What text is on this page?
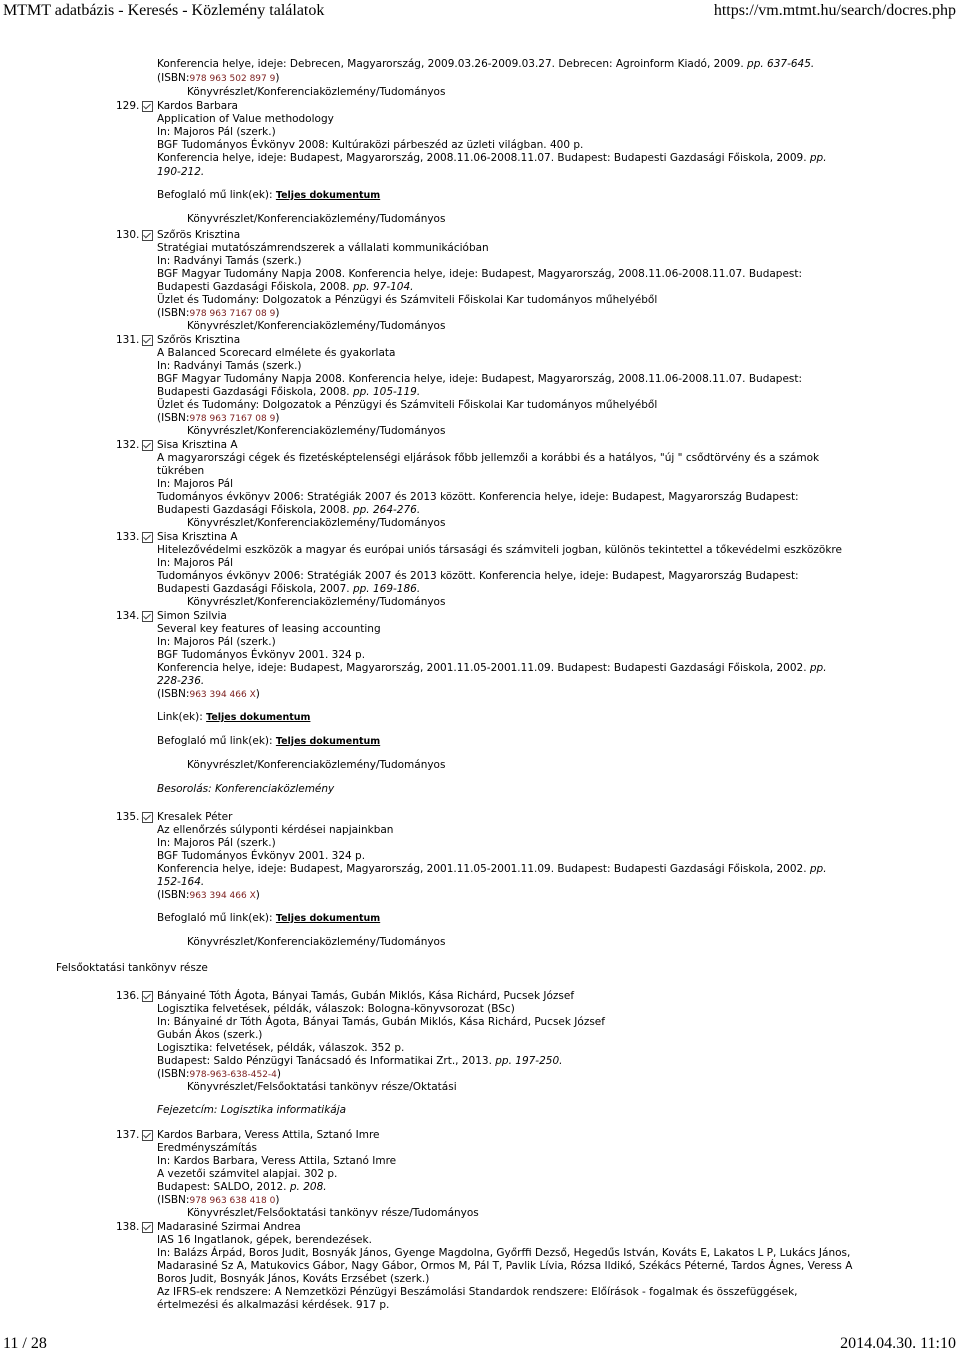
MTMT adatbázis - Keresés - Közlemény találatok	https://vm.mtmt.hu/search/docres.php
11 / 28	2014.04.30. 11:10
Konferencia helye, ideje: Debrecen, Magyarország, 2009.03.26-2009.03.27. Debrecen: Agroinform Kiadó, 2009. pp. 637-645.
(ISBN:978 963 502 897 9)
Könyvrészlet/Konferenciaközlemény/Tudományos
129. Kardos Barbara
Application of Value methodology
In: Majoros Pál (szerk.)
BGF Tudományos Évkönyv 2008: Kultúraközi párbeszéd az üzleti világban. 400 p.
Konferencia helye, ideje: Budapest, Magyarország, 2008.11.06-2008.11.07. Budapest: Budapesti Gazdasági Főiskola, 2009. pp.
190-212.
Befoglaló mű link(ek): Teljes dokumentum
Könyvrészlet/Konferenciaközlemény/Tudományos
130. Szőrös Krisztina
Stratégiai mutatószámrendszerek a vállalati kommunikációban
In: Radványi Tamás (szerk.)
BGF Magyar Tudomány Napja 2008. Konferencia helye, ideje: Budapest, Magyarország, 2008.11.06-2008.11.07. Budapest:
Budapesti Gazdasági Főiskola, 2008. pp. 97-104.
Üzlet és Tudomány: Dolgozatok a Pénzügyi és Számviteli Főiskolai Kar tudományos műhelyéből
(ISBN:978 963 7167 08 9)
Könyvrészlet/Konferenciaközlemény/Tudományos
131. Szőrös Krisztina
A Balanced Scorecard elmélete és gyakorlata
In: Radványi Tamás (szerk.)
BGF Magyar Tudomány Napja 2008. Konferencia helye, ideje: Budapest, Magyarország, 2008.11.06-2008.11.07. Budapest:
Budapesti Gazdasági Főiskola, 2008. pp. 105-119.
Üzlet és Tudomány: Dolgozatok a Pénzügyi és Számviteli Főiskolai Kar tudományos műhelyéből
(ISBN:978 963 7167 08 9)
Könyvrészlet/Konferenciaközlemény/Tudományos
132. Sisa Krisztina A
A magyarországi cégek és fizetésképtelenségi eljárások főbb jellemzői a korábbi és a hatályos, "új " csődtörvény és a számok
tükrében
In: Majoros Pál
Tudományos évkönyv 2006: Stratégiák 2007 és 2013 között. Konferencia helye, ideje: Budapest, Magyarország Budapest:
Budapesti Gazdasági Főiskola, 2008. pp. 264-276.
Könyvrészlet/Konferenciaközlemény/Tudományos
133. Sisa Krisztina A
Hitelezővédelmi eszközök a magyar és európai uniós társasági és számviteli jogban, különös tekintettel a tőkevédelmi eszközökre
In: Majoros Pál
Tudományos évkönyv 2006: Stratégiák 2007 és 2013 között. Konferencia helye, ideje: Budapest, Magyarország Budapest:
Budapesti Gazdasági Főiskola, 2007. pp. 169-186.
Könyvrészlet/Konferenciaközlemény/Tudományos
134. Simon Szilvia
Several key features of leasing accounting
In: Majoros Pál (szerk.)
BGF Tudományos Évkönyv 2001. 324 p.
Konferencia helye, ideje: Budapest, Magyarország, 2001.11.05-2001.11.09. Budapest: Budapesti Gazdasági Főiskola, 2002. pp.
228-236.
(ISBN:963 394 466 X)
Link(ek): Teljes dokumentum
Befoglaló mű link(ek): Teljes dokumentum
Könyvrészlet/Konferenciaközlemény/Tudományos
Besorolás: Konferenciaközlemény
135. Kresalek Péter
Az ellenőrzés súlyponti kérdései napjainkban
In: Majoros Pál (szerk.)
BGF Tudományos Évkönyv 2001. 324 p.
Konferencia helye, ideje: Budapest, Magyarország, 2001.11.05-2001.11.09. Budapest: Budapesti Gazdasági Főiskola, 2002. pp.
152-164.
(ISBN:963 394 466 X)
Befoglaló mű link(ek): Teljes dokumentum
Könyvrészlet/Konferenciaközlemény/Tudományos
Felsőoktatási tankönyv része
136. Bányainé Tóth Ágota, Bányai Tamás, Gubán Miklós, Kása Richárd, Pucsek József
Logisztika felvetések, példák, válaszok: Bologna-könyvsorozat (BSc)
In: Bányainé dr Tóth Ágota, Bányai Tamás, Gubán Miklós, Kása Richárd, Pucsek József
Gubán Ákos (szerk.)
Logisztika: felvetések, példák, válaszok. 352 p.
Budapest: Saldo Pénzügyi Tanácsadó és Informatikai Zrt., 2013. pp. 197-250.
(ISBN:978-963-638-452-4)
Könyvrészlet/Felsőoktatási tankönyv része/Oktatási
Fejezetcím: Logisztika informatikája
137. Kardos Barbara, Veress Attila, Sztanó Imre
Eredményszámítás
In: Kardos Barbara, Veress Attila, Sztanó Imre
A vezetői számvitel alapjai. 302 p.
Budapest: SALDO, 2012. p. 208.
(ISBN:978 963 638 418 0)
Könyvrészlet/Felsőoktatási tankönyv része/Tudományos
138. Madarasiné Szirmai Andrea
IAS 16 Ingatlanok, gépek, berendezések.
In: Balázs Árpád, Boros Judit, Bosnyák János, Gyenge Magdolna, Győrffi Dezső, Hegedűs István, Kováts E, Lakatos L P, Lukács János,
Madarasiné Sz A, Matukovics Gábor, Nagy Gábor, Ormos M, Pál T, Pavlik Lívia, Rózsa Ildikó, Székács Péterné, Tardos Ágnes, Veress A
Boros Judit, Bosnyák János, Kováts Erzsébet (szerk.)
Az IFRS-ek rendszere: A Nemzetközi Pénzügyi Beszámolási Standardok rendszere: Előírások - fogalmak és összefüggések,
értelmezési és alkalmazási kérdések. 917 p.
